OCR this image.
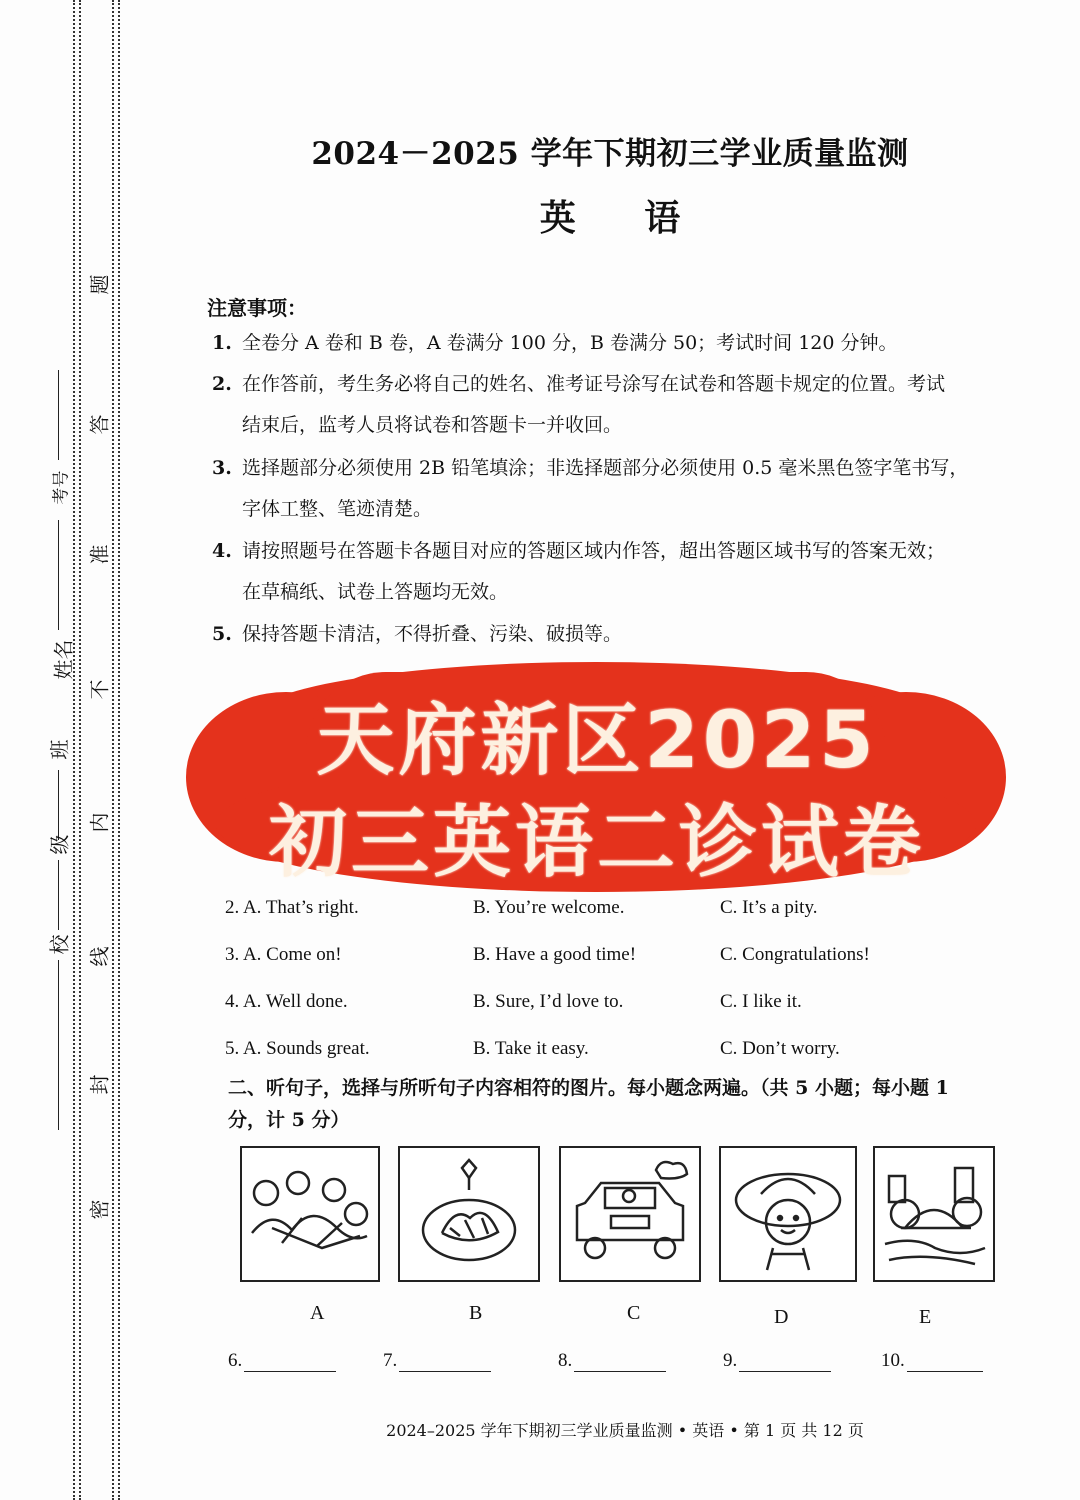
考号
姓名
班
级
校
题
答
准
不
内
线
封
密
2024－2025 学年下期初三学业质量监测
英 语
注意事项：
1. 全卷分 A 卷和 B 卷，A 卷满分 100 分，B 卷满分 50；考试时间 120 分钟。
2. 在作答前，考生务必将自己的姓名、准考证号涂写在试卷和答题卡规定的位置。考试
结束后，监考人员将试卷和答题卡一并收回。
3. 选择题部分必须使用 2B 铅笔填涂；非选择题部分必须使用 0.5 毫米黑色签字笔书写，
字体工整、笔迹清楚。
4. 请按照题号在答题卡各题目对应的答题区域内作答，超出答题区域书写的答案无效；
在草稿纸、试卷上答题均无效。
5. 保持答题卡清洁，不得折叠、污染、破损等。
天府新区2025
初三英语二诊试卷
2. A. That’s right.	B. You’re welcome.	C. It’s a pity.
3. A. Come on!	B. Have a good time!	C. Congratulations!
4. A. Well done.	B. Sure, I’d love to.	C. I like it.
5. A. Sounds great.	B. Take it easy.	C. Don’t worry.
二、听句子，选择与所听句子内容相符的图片。每小题念两遍。（共 5 小题；每小题 1
分，计 5 分）
A	B	C	D	E
6.	7.	8.	9.	10.
2024–2025 学年下期初三学业质量监测 • 英语 • 第 1 页 共 12 页
